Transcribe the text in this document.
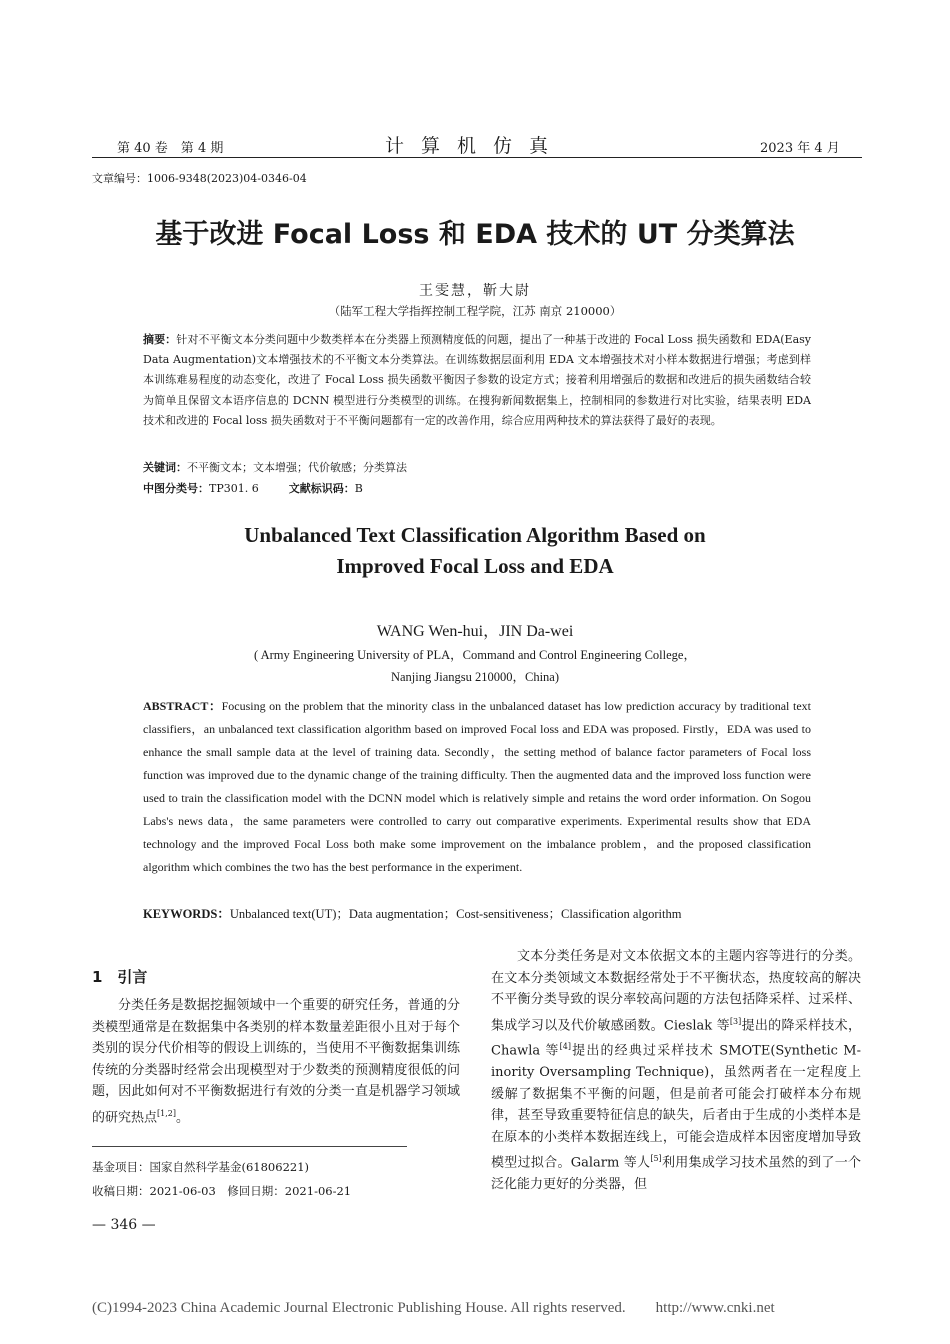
第 40 卷　第 4 期	计算机仿真	2023 年 4 月
文章编号：1006-9348(2023)04-0346-04
基于改进 Focal Loss 和 EDA 技术的 UT 分类算法
王雯慧，靳大尉
（陆军工程大学指挥控制工程学院，江苏 南京 210000）
摘要：针对不平衡文本分类问题中少数类样本在分类器上预测精度低的问题，提出了一种基于改进的 Focal Loss 损失函数和 EDA(Easy Data Augmentation)文本增强技术的不平衡文本分类算法。在训练数据层面利用 EDA 文本增强技术对小样本数据进行增强；考虑到样本训练难易程度的动态变化，改进了 Focal Loss 损失函数平衡因子参数的设定方式；接着利用增强后的数据和改进后的损失函数结合较为简单且保留文本语序信息的 DCNN 模型进行分类模型的训练。在搜狗新闻数据集上，控制相同的参数进行对比实验，结果表明 EDA 技术和改进的 Focal loss 损失函数对于不平衡问题都有一定的改善作用，综合应用两种技术的算法获得了最好的表现。
关键词：不平衡文本；文本增强；代价敏感；分类算法
中图分类号：TP301. 6	文献标识码：B
Unbalanced Text Classification Algorithm Based on
Improved Focal Loss and EDA
WANG Wen-hui，JIN Da-wei
( Army Engineering University of PLA，Command and Control Engineering College，
Nanjing Jiangsu 210000，China)
ABSTRACT：Focusing on the problem that the minority class in the unbalanced dataset has low prediction accuracy by traditional text classifiers，an unbalanced text classification algorithm based on improved Focal loss and EDA was proposed. Firstly，EDA was used to enhance the small sample data at the level of training data. Secondly，the setting method of balance factor parameters of Focal loss function was improved due to the dynamic change of the training difficulty. Then the augmented data and the improved loss function were used to train the classification model with the DCNN model which is relatively simple and retains the word order information. On Sogou Labs's news data，the same parameters were controlled to carry out comparative experiments. Experimental results show that EDA technology and the improved Focal Loss both make some improvement on the imbalance problem，and the proposed classification algorithm which combines the two has the best performance in the experiment.
KEYWORDS：Unbalanced text(UT)；Data augmentation；Cost-sensitiveness；Classification algorithm
1　引言
分类任务是数据挖掘领域中一个重要的研究任务，普通的分类模型通常是在数据集中各类别的样本数量差距很小且对于每个类别的误分代价相等的假设上训练的，当使用不平衡数据集训练传统的分类器时经常会出现模型对于少数类的预测精度很低的问题，因此如何对不平衡数据进行有效的分类一直是机器学习领域的研究热点[1,2]。
基金项目：国家自然科学基金(61806221)
收稿日期：2021-06-03　修回日期：2021-06-21
— 346 —
文本分类任务是对文本依据文本的主题内容等进行的分类。在文本分类领域文本数据经常处于不平衡状态，热度较高的解决不平衡分类导致的误分率较高问题的方法包括降采样、过采样、集成学习以及代价敏感函数。Cieslak 等[3]提出的降采样技术，Chawla 等[4]提出的经典过采样技术 SMOTE(Synthetic M-inority Oversampling Technique)，虽然两者在一定程度上缓解了数据集不平衡的问题，但是前者可能会打破样本分布规律，甚至导致重要特征信息的缺失，后者由于生成的小类样本是在原本的小类样本数据连线上，可能会造成样本因密度增加导致模型过拟合。Galarm 等人[5]利用集成学习技术虽然的到了一个泛化能力更好的分类器，但
(C)1994-2023 China Academic Journal Electronic Publishing House. All rights reserved.　　http://www.cnki.net
